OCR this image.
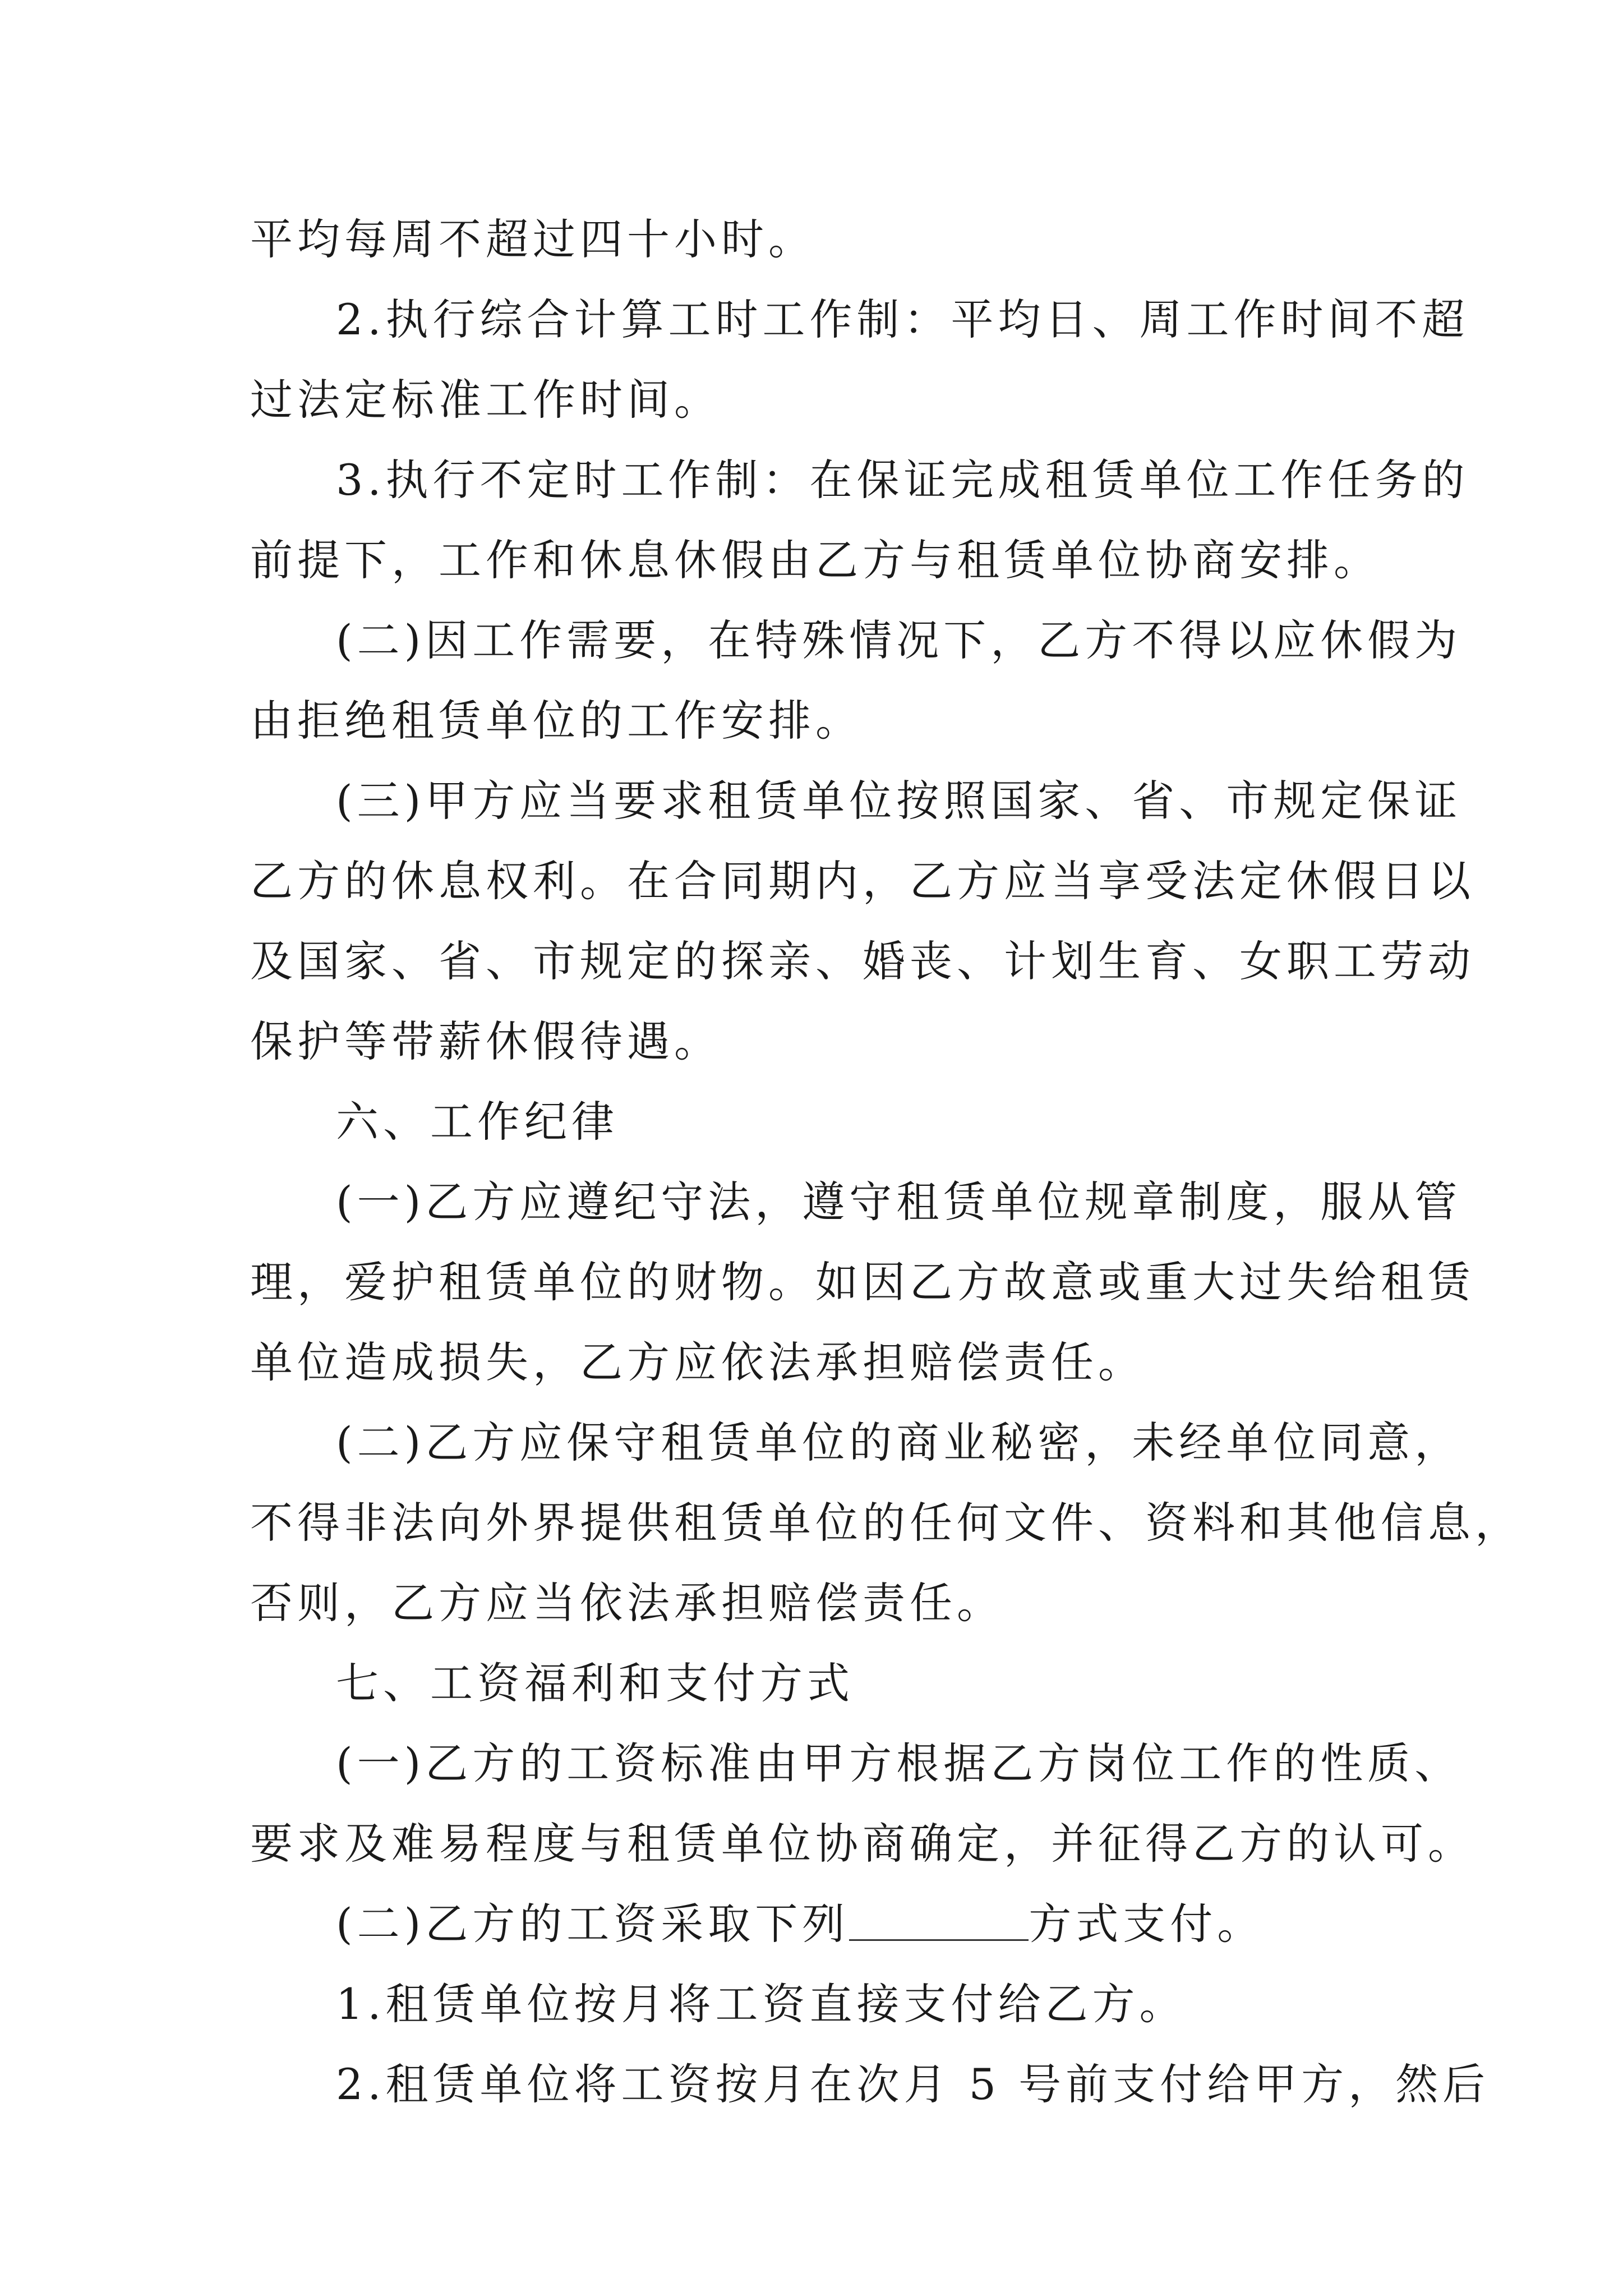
平均每周不超过四十小时。
2.执行综合计算工时工作制：平均日、周工作时间不超
过法定标准工作时间。
3.执行不定时工作制：在保证完成租赁单位工作任务的
前提下，工作和休息休假由乙方与租赁单位协商安排。
(二)因工作需要，在特殊情况下，乙方不得以应休假为
由拒绝租赁单位的工作安排。
(三)甲方应当要求租赁单位按照国家、省、市规定保证
乙方的休息权利。在合同期内，乙方应当享受法定休假日以
及国家、省、市规定的探亲、婚丧、计划生育、女职工劳动
保护等带薪休假待遇。
六、工作纪律
(一)乙方应遵纪守法，遵守租赁单位规章制度，服从管
理，爱护租赁单位的财物。如因乙方故意或重大过失给租赁
单位造成损失，乙方应依法承担赔偿责任。
(二)乙方应保守租赁单位的商业秘密，未经单位同意，
不得非法向外界提供租赁单位的任何文件、资料和其他信息，
否则，乙方应当依法承担赔偿责任。
七、工资福利和支付方式
(一)乙方的工资标准由甲方根据乙方岗位工作的性质、
要求及难易程度与租赁单位协商确定，并征得乙方的认可。
(二)乙方的工资采取下列	方式支付。
1.租赁单位按月将工资直接支付给乙方。
2.租赁单位将工资按月在次月 5 号前支付给甲方，然后
